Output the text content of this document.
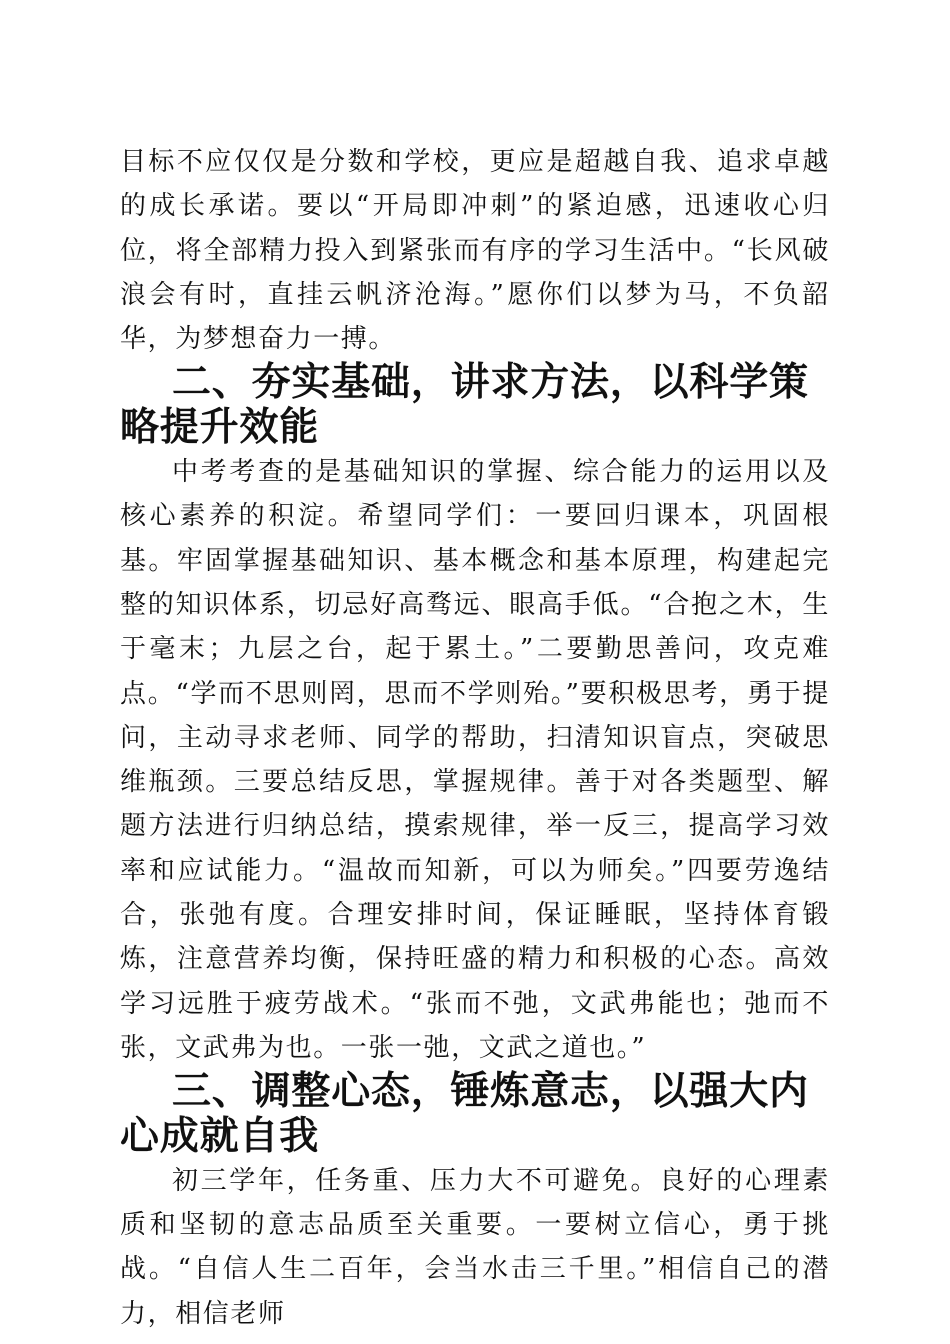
目标不应仅仅是分数和学校，更应是超越自我、追求卓越的成长承诺。要以“开局即冲刺”的紧迫感，迅速收心归位，将全部精力投入到紧张而有序的学习生活中。“长风破浪会有时，直挂云帆济沧海。”愿你们以梦为马，不负韶华，为梦想奋力一搏。

二、夯实基础，讲求方法，以科学策略提升效能

中考考查的是基础知识的掌握、综合能力的运用以及核心素养的积淀。希望同学们：一要回归课本，巩固根基。牢固掌握基础知识、基本概念和基本原理，构建起完整的知识体系，切忌好高骛远、眼高手低。“合抱之木，生于毫末；九层之台，起于累土。”二要勤思善问，攻克难点。“学而不思则罔，思而不学则殆。”要积极思考，勇于提问，主动寻求老师、同学的帮助，扫清知识盲点，突破思维瓶颈。三要总结反思，掌握规律。善于对各类题型、解题方法进行归纳总结，摸索规律，举一反三，提高学习效率和应试能力。“温故而知新，可以为师矣。”四要劳逸结合，张弛有度。合理安排时间，保证睡眠，坚持体育锻炼，注意营养均衡，保持旺盛的精力和积极的心态。高效学习远胜于疲劳战术。“张而不弛，文武弗能也；弛而不张，文武弗为也。一张一弛，文武之道也。”

三、调整心态，锤炼意志，以强大内心成就自我

初三学年，任务重、压力大不可避免。良好的心理素质和坚韧的意志品质至关重要。一要树立信心，勇于挑战。“自信人生二百年，会当水击三千里。”相信自己的潜力，相信老师
